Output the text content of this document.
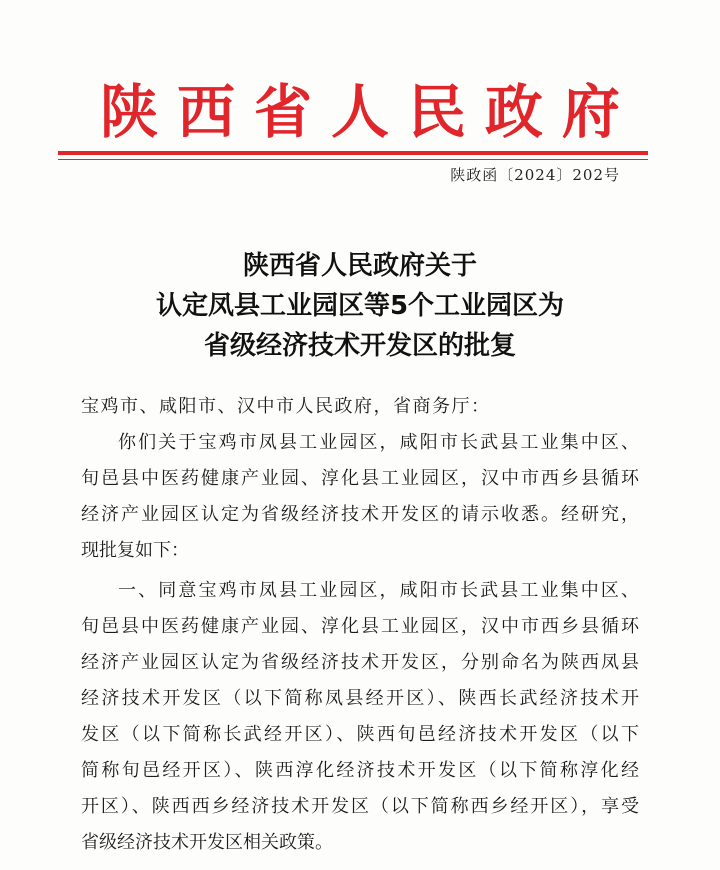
陕 西 省 人 民 政 府
陕政函〔2024〕202号
陕西省人民政府关于
认定凤县工业园区等5个工业园区为
省级经济技术开发区的批复
宝鸡市、咸阳市、汉中市人民政府，省商务厅：
你们关于宝鸡市凤县工业园区，咸阳市长武县工业集中区、
旬邑县中医药健康产业园、淳化县工业园区，汉中市西乡县循环
经济产业园区认定为省级经济技术开发区的请示收悉。经研究，
现批复如下：
一、同意宝鸡市凤县工业园区，咸阳市长武县工业集中区、
旬邑县中医药健康产业园、淳化县工业园区，汉中市西乡县循环
经济产业园区认定为省级经济技术开发区，分别命名为陕西凤县
经济技术开发区（以下简称凤县经开区）、陕西长武经济技术开
发区（以下简称长武经开区）、陕西旬邑经济技术开发区（以下
简称旬邑经开区）、陕西淳化经济技术开发区（以下简称淳化经
开区）、陕西西乡经济技术开发区（以下简称西乡经开区），享受
省级经济技术开发区相关政策。
